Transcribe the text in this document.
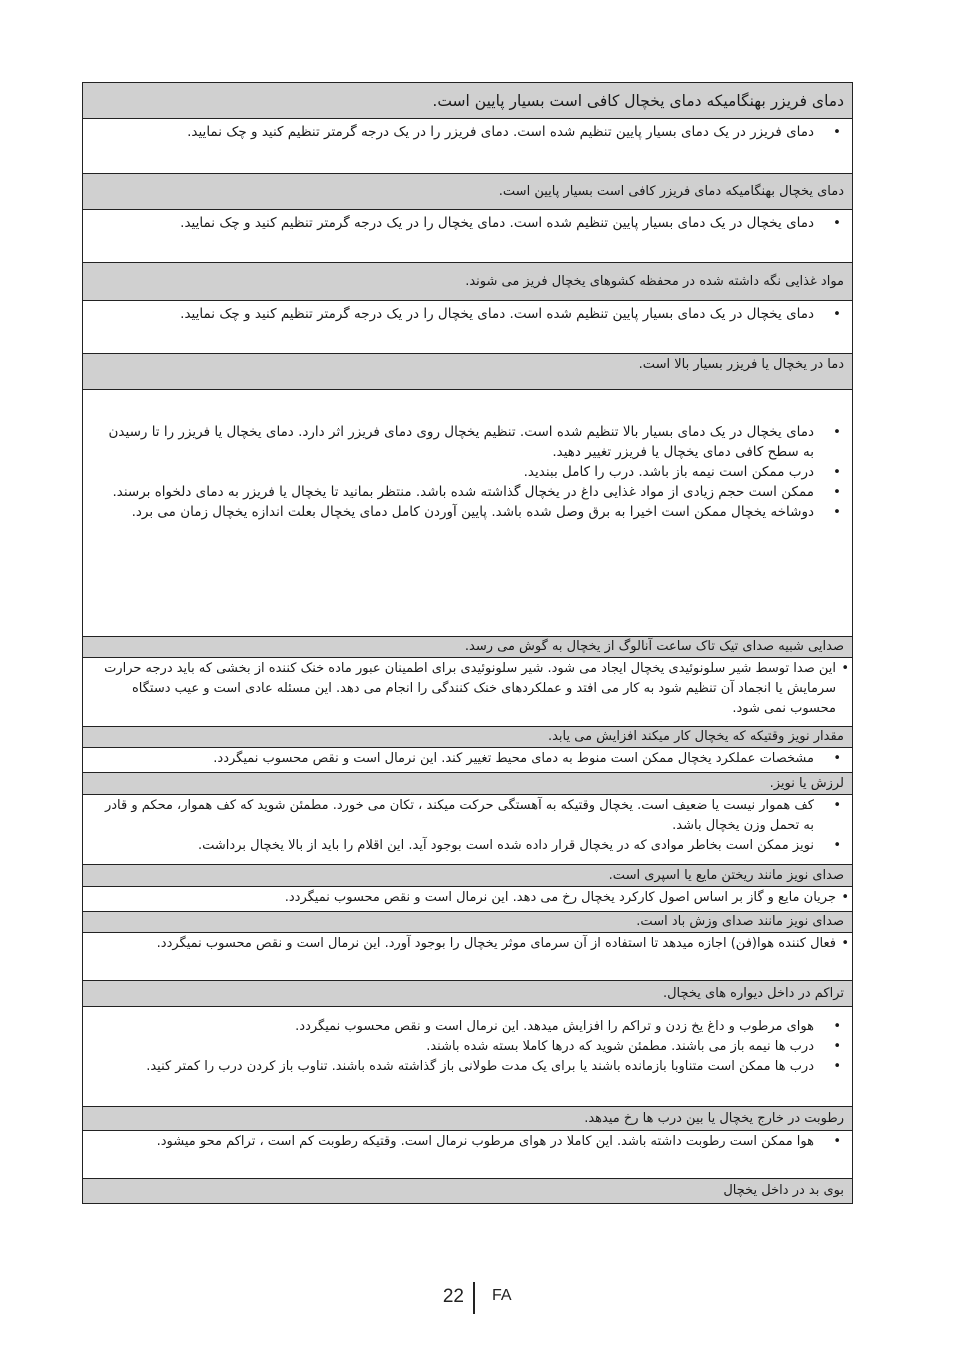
دمای فریزر بهنگامیکه دمای یخچال کافی است بسیار پایین است.
• دمای فریزر در یک دمای بسیار پایین تنظیم شده است. دمای فریزر را در یک درجه گرمتر تنظیم کنید و چک نمایید.
دمای یخچال بهنگامیکه دمای فریزر کافی است بسیار پایین است.
• دمای یخچال در یک دمای بسیار پایین تنظیم شده است. دمای یخچال را در یک درجه گرمتر تنظیم کنید و چک نمایید.
مواد غذایی نگه داشته شده در محفظه کشوهای یخچال فریز می شوند.
• دمای یخچال در یک دمای بسیار پایین تنظیم شده است. دمای یخچال را در یک درجه گرمتر تنظیم کنید و چک نمایید.
دما در یخچال یا فریزر بسیار بالا است.
• دمای یخچال در یک دمای بسیار بالا تنظیم شده است. تنظیم یخچال روی دمای فریزر اثر دارد. دمای یخچال یا فریزر را تا رسیدن به سطح کافی دمای یخچال یا فریزر تغییر دهید.
• درب ممکن است نیمه باز باشد. درب را کامل ببندید.
• ممکن است حجم زیادی از مواد غذایی داغ در یخچال گذاشته شده باشد. منتظر بمانید تا یخچال یا فریزر به دمای دلخواه برسند.
• دوشاخه یخچال ممکن است اخیرا به برق وصل شده باشد. پایین آوردن کامل دمای یخچال بعلت اندازه یخچال زمان می برد.
صدایی شبیه صدای تیک تاک ساعت آنالوگ از یخچال به گوش می رسد.
• این صدا توسط شیر سلونوئیدی یخچال ایجاد می شود. شیر سلونوئیدی برای اطمینان عبور ماده خنک کننده از بخشی که باید درجه حرارت سرمایش یا انجماد آن تنظیم شود به کار می افتد و عملکردهای خنک کنندگی را انجام می دهد. این مسئله عادی است و عیب دستگاه محسوب نمی شود.
مقدار نویز وقتیکه که یخچال کار میکند افزایش می یابد.
• مشخصات عملکرد یخچال ممکن است منوط به دمای محیط تغییر کند. این نرمال است و نقص محسوب نمیگردد.
لرزش یا نویز.
• کف هموار نیست یا ضعیف است. یخچال وقتیکه به آهستگی حرکت میکند ، تکان می خورد. مطمئن شوید که کف هموار، محکم و قادر به تحمل وزن یخچال باشد.
• نویز ممکن است بخاطر موادی که در یخچال قرار داده شده است بوجود آید. این اقلام را باید از بالا یخچال برداشت.
صدای نویز مانند ریختن مایع یا اسپری است.
• جریان مایع و گاز بر اساس اصول کارکرد یخچال رخ می دهد. این نرمال است و نقص محسوب نمیگردد.
صدای نویز مانند صدای وزش باد است.
• فعال کننده هوا(فن) اجازه میدهد تا استفاده از آن سرمای موثر یخچال را بوجود آورد. این نرمال است و نقص محسوب نمیگردد.
تراکم در داخل دیواره های یخچال.
• هوای مرطوب و داغ یخ زدن و تراکم را افزایش میدهد. این نرمال است و نقص محسوب نمیگردد.
• درب ها نیمه باز می باشند. مطمئن شوید که درها کاملا بسته شده باشند.
• درب ها ممکن است متناوبا بازمانده باشند یا برای یک مدت طولانی باز گذاشته شده باشند. تناوب باز کردن درب را کمتر کنید.
رطوبت در خارج یخچال یا بین درب ها رخ میدهد.
• هوا ممکن است رطوبت داشته باشد. این کاملا در هوای مرطوب نرمال است. وقتیکه رطوبت کم است ، تراکم محو میشود.
بوی بد در داخل یخچال
22 FA
